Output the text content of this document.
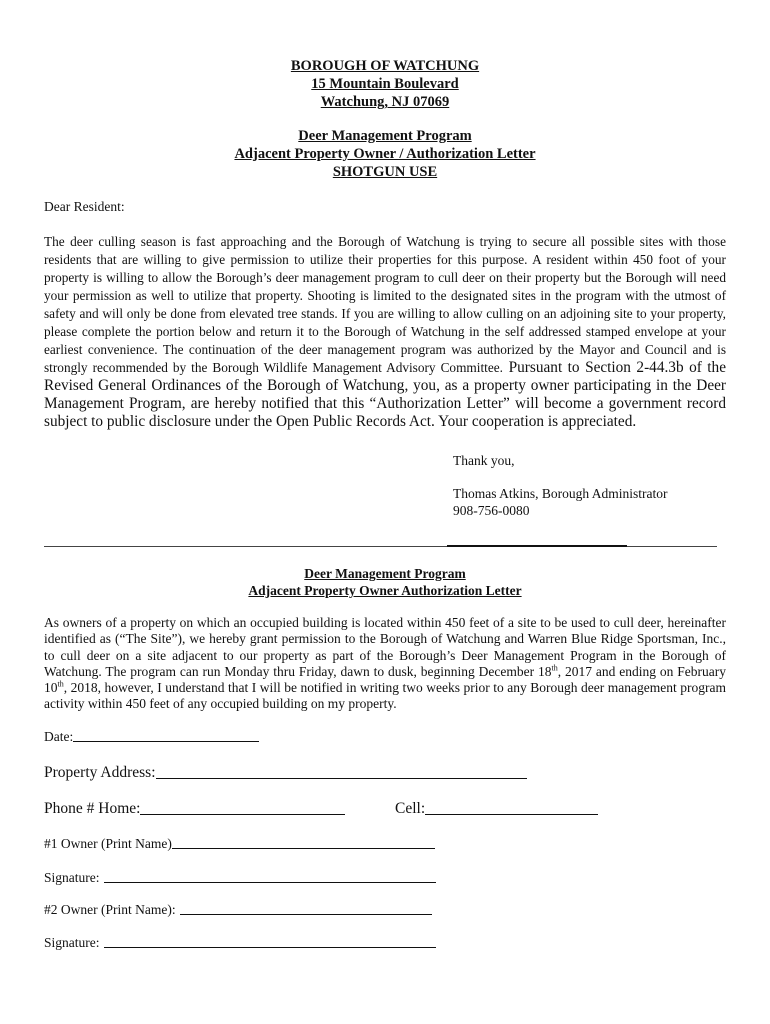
BOROUGH OF WATCHUNG
15 Mountain Boulevard
Watchung, NJ 07069
Deer Management Program
Adjacent Property Owner / Authorization Letter
SHOTGUN USE
Dear Resident:
The deer culling season is fast approaching and the Borough of Watchung is trying to secure all possible sites with those residents that are willing to give permission to utilize their properties for this purpose. A resident within 450 foot of your property is willing to allow the Borough’s deer management program to cull deer on their property but the Borough will need your permission as well to utilize that property. Shooting is limited to the designated sites in the program with the utmost of safety and will only be done from elevated tree stands. If you are willing to allow culling on an adjoining site to your property, please complete the portion below and return it to the Borough of Watchung in the self addressed stamped envelope at your earliest convenience. The continuation of the deer management program was authorized by the Mayor and Council and is strongly recommended by the Borough Wildlife Management Advisory Committee. Pursuant to Section 2-44.3b of the Revised General Ordinances of the Borough of Watchung, you, as a property owner participating in the Deer Management Program, are hereby notified that this “Authorization Letter” will become a government record subject to public disclosure under the Open Public Records Act. Your cooperation is appreciated.
Thank you,
Thomas Atkins, Borough Administrator
908-756-0080
Deer Management Program
Adjacent Property Owner Authorization Letter
As owners of a property on which an occupied building is located within 450 feet of a site to be used to cull deer, hereinafter identified as (“The Site”), we hereby grant permission to the Borough of Watchung and Warren Blue Ridge Sportsman, Inc., to cull deer on a site adjacent to our property as part of the Borough’s Deer Management Program in the Borough of Watchung. The program can run Monday thru Friday, dawn to dusk, beginning December 18th, 2017 and ending on February 10th, 2018, however, I understand that I will be notified in writing two weeks prior to any Borough deer management program activity within 450 feet of any occupied building on my property.
Date:
Property Address:
Phone # Home:	Cell:
#1 Owner (Print Name)
Signature:
#2 Owner (Print Name):
Signature:
